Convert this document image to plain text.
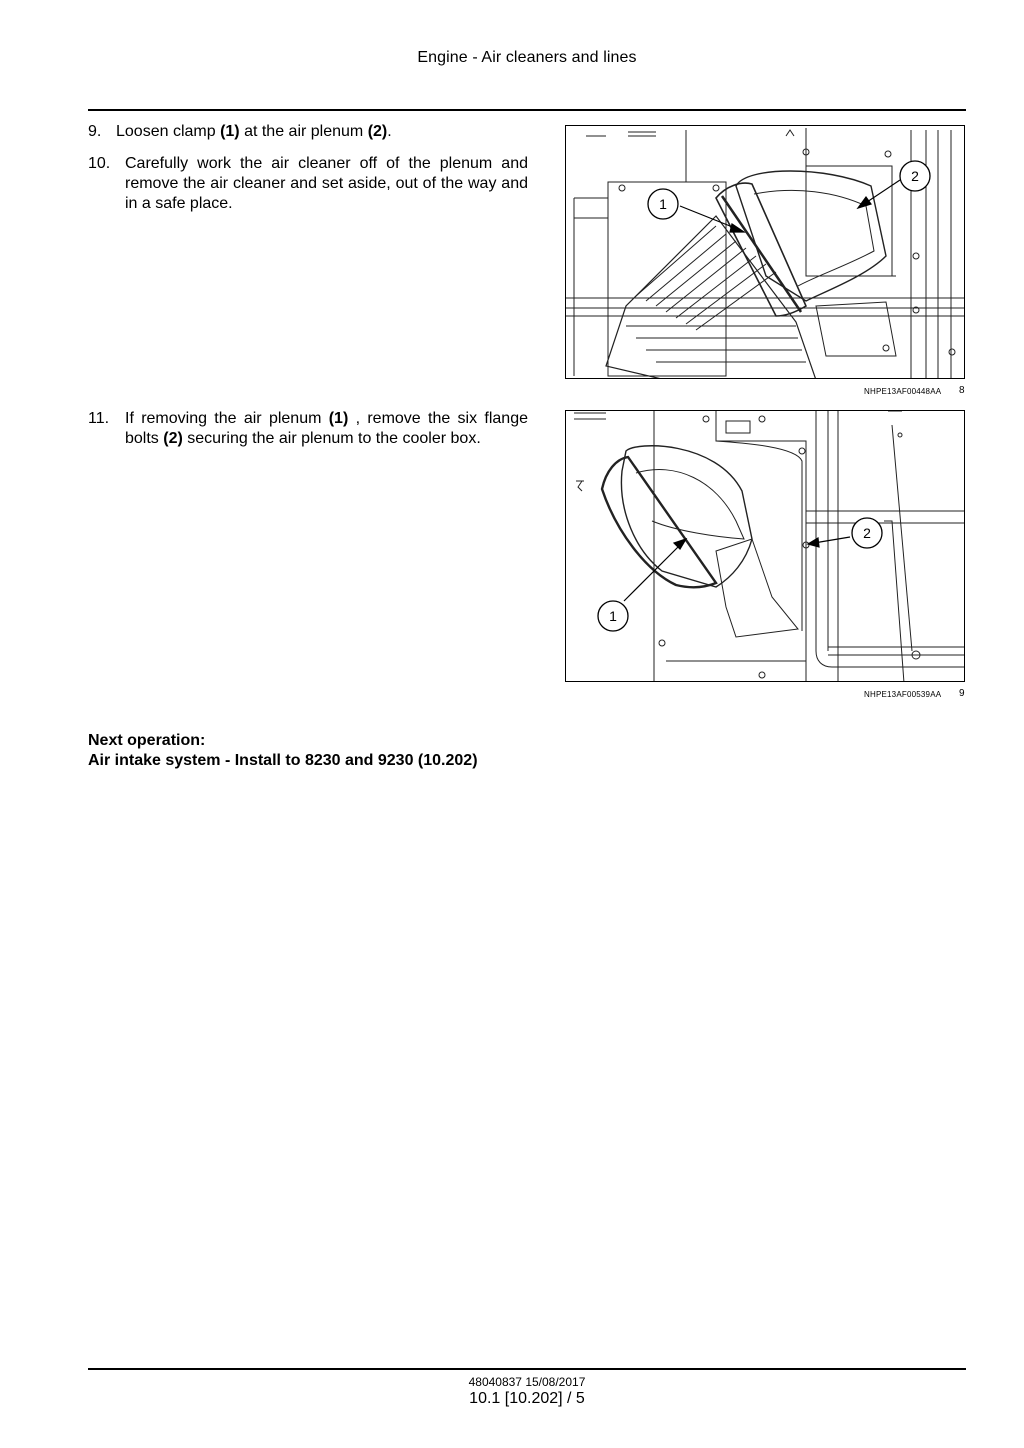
Engine - Air cleaners and lines
9. Loosen clamp (1) at the air plenum (2).
10. Carefully work the air cleaner off of the plenum and remove the air cleaner and set aside, out of the way and in a safe place.	1
2
NHPE13AF00448AA 8
11. If removing the air plenum (1) , remove the six flange bolts (2) securing the air plenum to the cooler box.
1
2
NHPE13AF00539AA 9
Next operation:
Air intake system - Install to 8230 and 9230 (10.202)
48040837 15/08/2017
10.1 [10.202] / 5
